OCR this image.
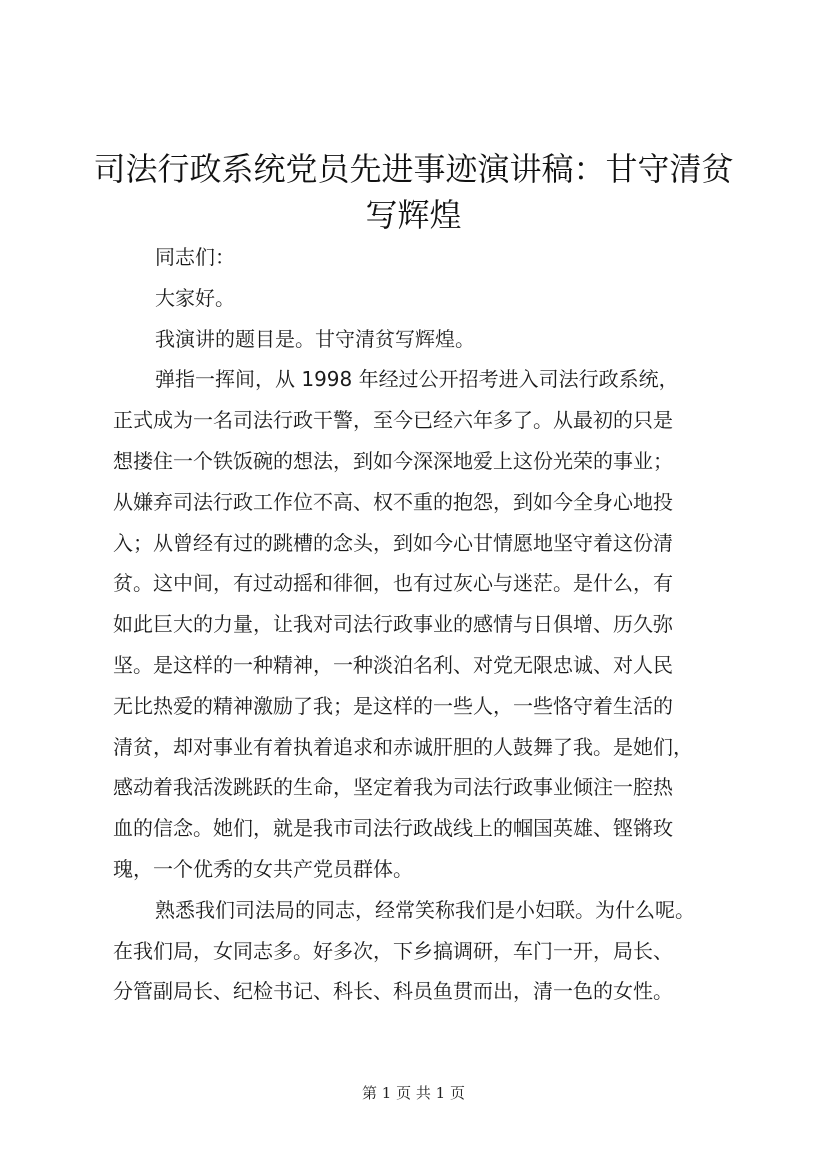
司法行政系统党员先进事迹演讲稿：甘守清贫
写辉煌

同志们：

大家好。

我演讲的题目是。甘守清贫写辉煌。

弹指一挥间，从 1998 年经过公开招考进入司法行政系统，
正式成为一名司法行政干警，至今已经六年多了。从最初的只是
想搂住一个铁饭碗的想法，到如今深深地爱上这份光荣的事业；
从嫌弃司法行政工作位不高、权不重的抱怨，到如今全身心地投
入；从曾经有过的跳槽的念头，到如今心甘情愿地坚守着这份清
贫。这中间，有过动摇和徘徊，也有过灰心与迷茫。是什么，有
如此巨大的力量，让我对司法行政事业的感情与日俱增、历久弥
坚。是这样的一种精神，一种淡泊名利、对党无限忠诚、对人民
无比热爱的精神激励了我；是这样的一些人，一些恪守着生活的
清贫，却对事业有着执着追求和赤诚肝胆的人鼓舞了我。是她们，
感动着我活泼跳跃的生命，坚定着我为司法行政事业倾注一腔热
血的信念。她们，就是我市司法行政战线上的帼国英雄、铿锵玫
瑰，一个优秀的女共产党员群体。
熟悉我们司法局的同志，经常笑称我们是小妇联。为什么呢。
在我们局，女同志多。好多次，下乡搞调研，车门一开，局长、
分管副局长、纪检书记、科长、科员鱼贯而出，清一色的女性。
第 1 页 共 1 页
